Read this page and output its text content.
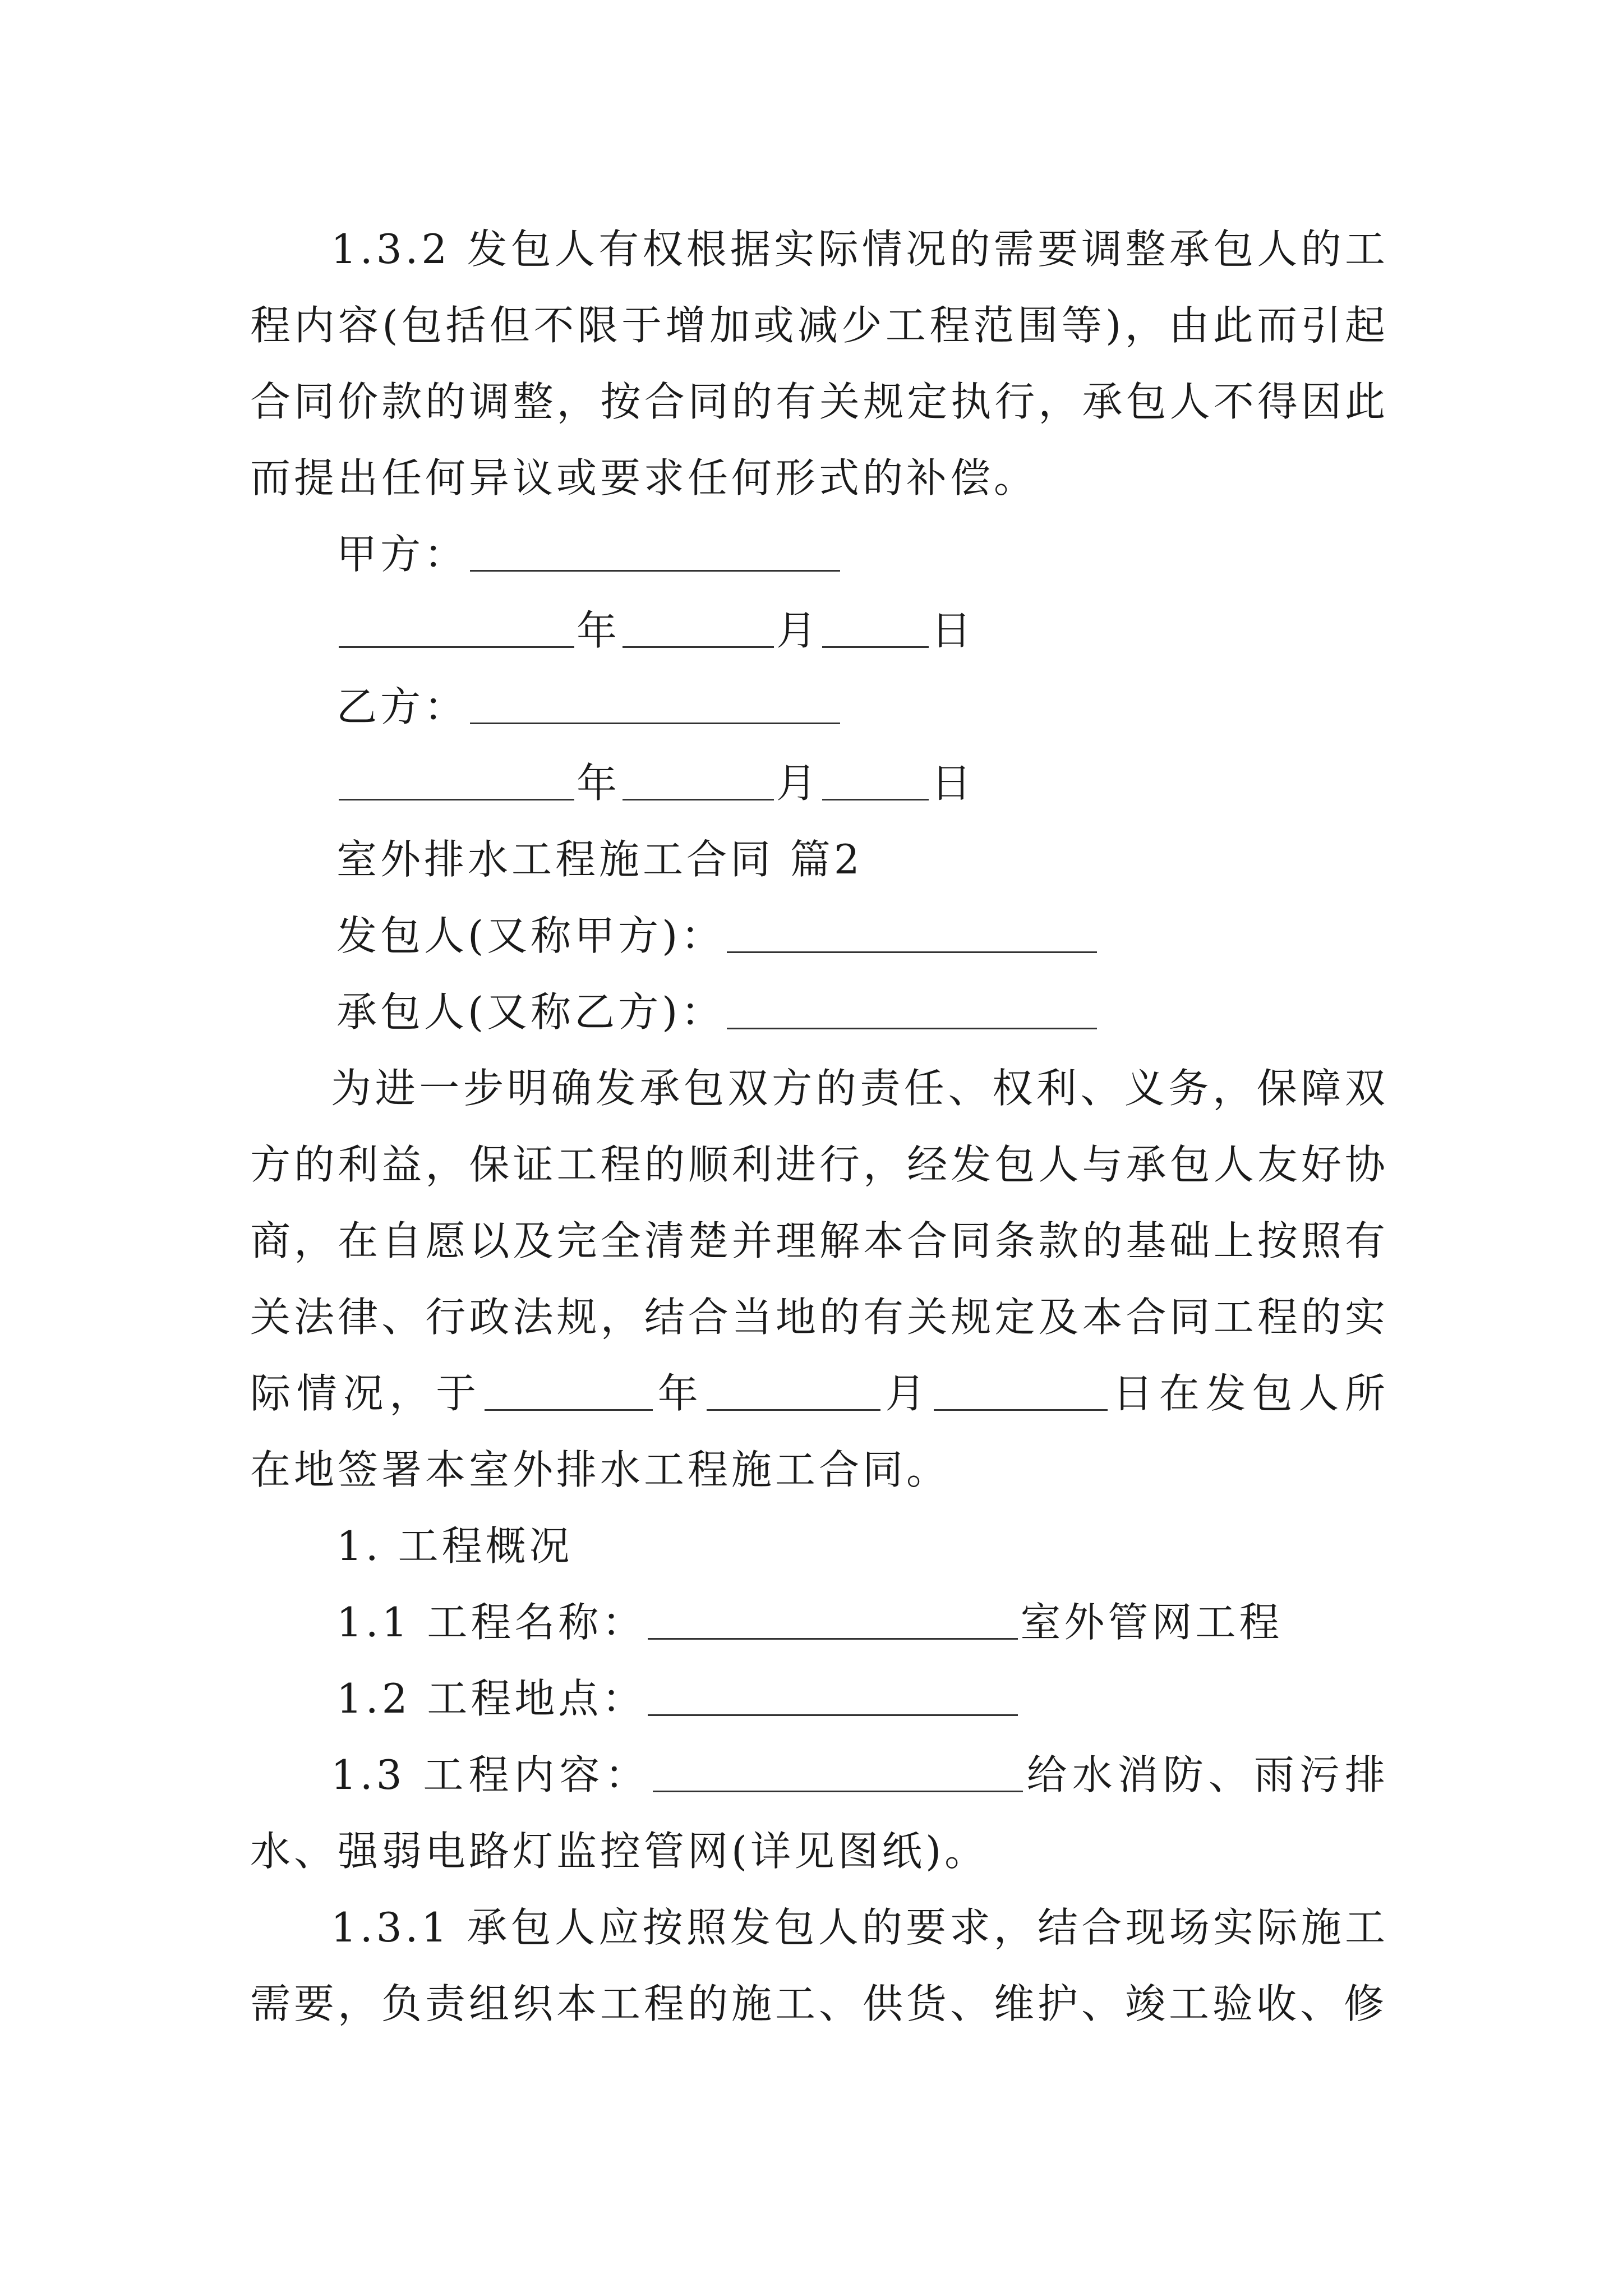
1.3.2 发包人有权根据实际情况的需要调整承包人的工程内容(包括但不限于增加或减少工程范围等)，由此而引起合同价款的调整，按合同的有关规定执行，承包人不得因此而提出任何异议或要求任何形式的补偿。

甲方：

年	月	日

乙方：

年	月	日

室外排水工程施工合同 篇2

发包人(又称甲方)：

承包人(又称乙方)：

为进一步明确发承包双方的责任、权利、义务，保障双方的利益，保证工程的顺利进行，经发包人与承包人友好协商，在自愿以及完全清楚并理解本合同条款的基础上按照有关法律、行政法规，结合当地的有关规定及本合同工程的实际情况，于	年	月	日在发包人所在地签署本室外排水工程施工合同。

1. 工程概况

1.1 工程名称：	室外管网工程

1.2 工程地点：

1.3 工程内容：	给水消防、雨污排水、强弱电路灯监控管网(详见图纸)。

1.3.1 承包人应按照发包人的要求，结合现场实际施工需要，负责组织本工程的施工、供货、维护、竣工验收、修
